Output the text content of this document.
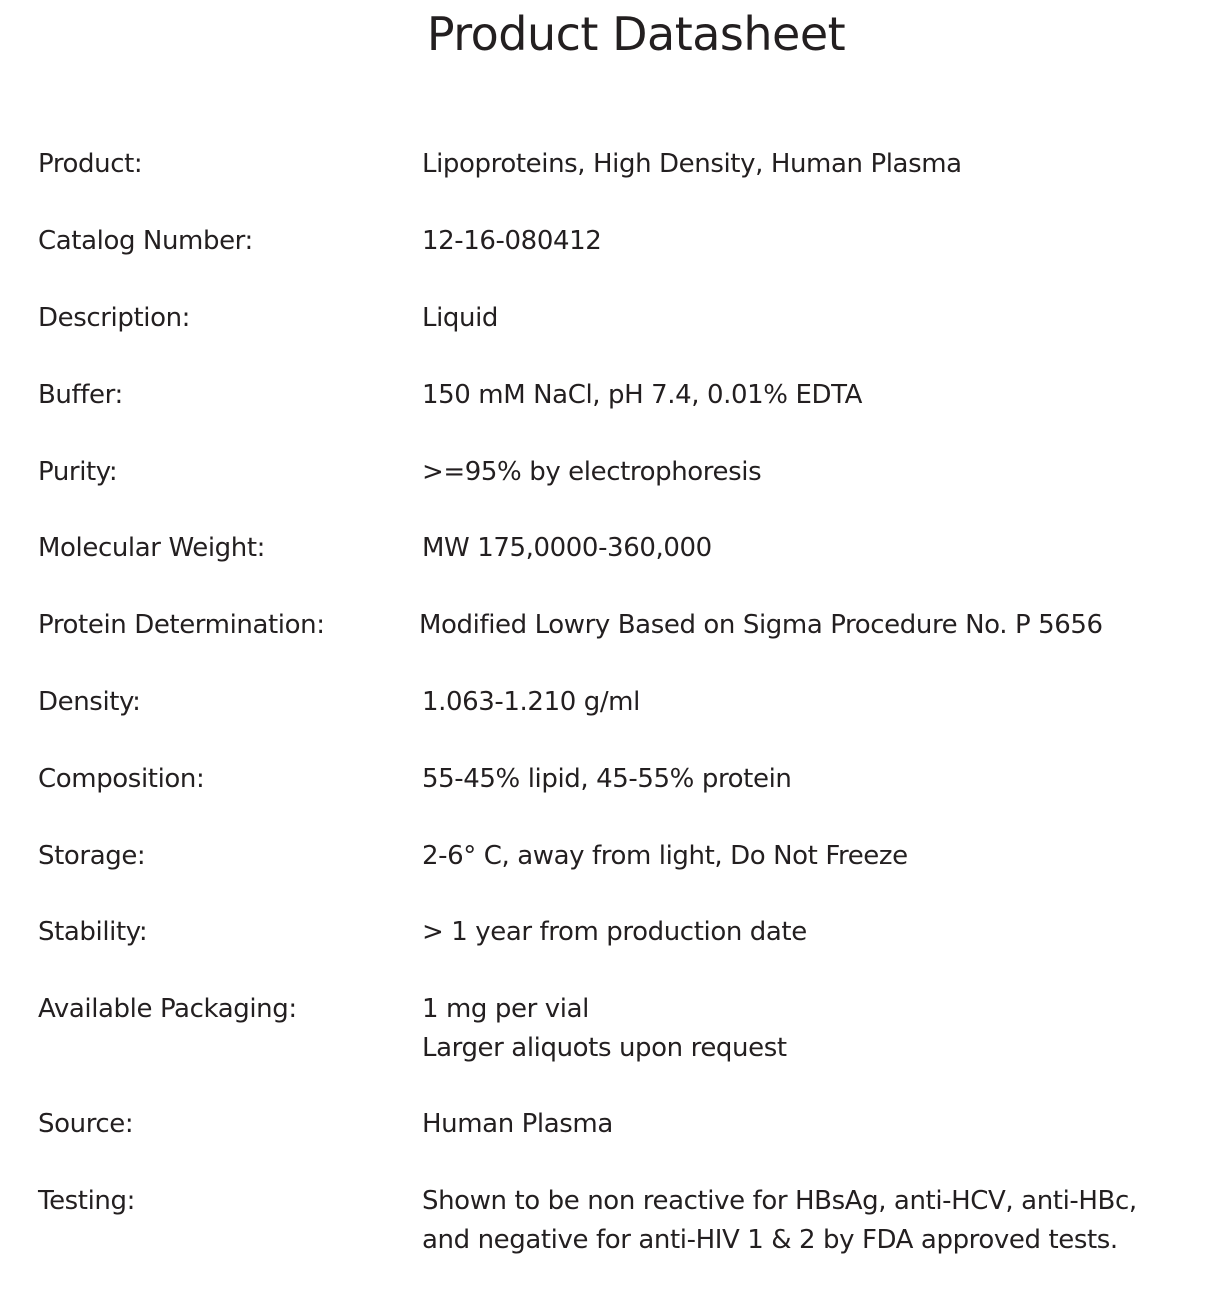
Product Datasheet
Product:	Lipoproteins, High Density, Human Plasma
Catalog Number:	12-16-080412
Description:	Liquid
Buffer:	150 mM NaCl, pH 7.4, 0.01% EDTA
Purity:	>=95% by electrophoresis
Molecular Weight:	MW 175,0000-360,000
Protein Determination:	Modified Lowry Based on Sigma Procedure No. P 5656
Density:	1.063-1.210 g/ml
Composition:	55-45% lipid, 45-55% protein
Storage:	2-6° C, away from light, Do Not Freeze
Stability:	> 1 year from production date
Available Packaging:	1 mg per vial
Larger aliquots upon request
Source:	Human Plasma
Testing:	Shown to be non reactive for HBsAg, anti-HCV, anti-HBc,
and negative for anti-HIV 1 & 2 by FDA approved tests.
